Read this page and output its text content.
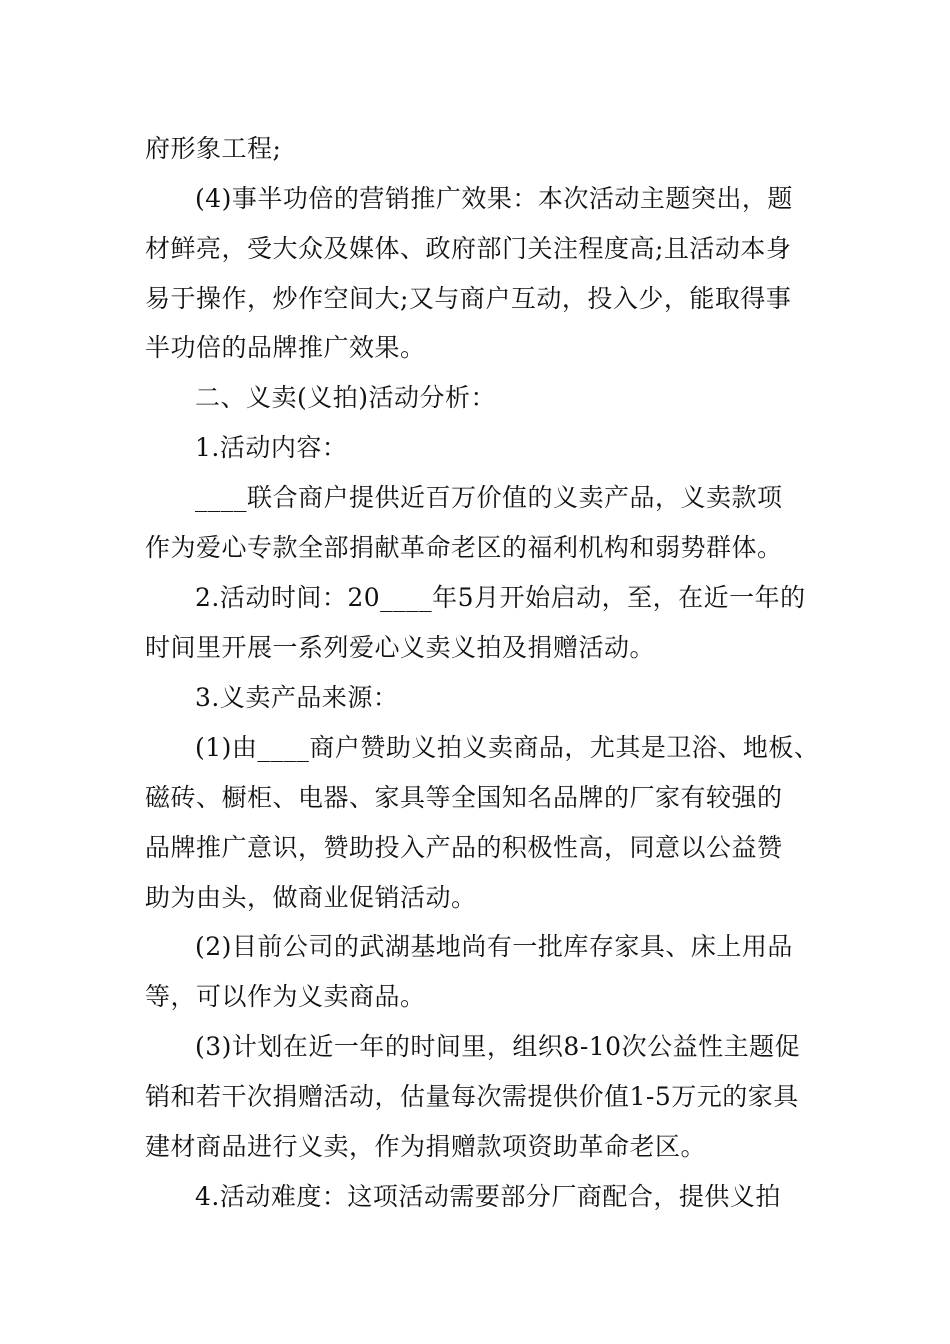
府形象工程;
(4)事半功倍的营销推广效果：本次活动主题突出，题
材鲜亮，受大众及媒体、政府部门关注程度高;且活动本身
易于操作，炒作空间大;又与商户互动，投入少，能取得事
半功倍的品牌推广效果。
二、义卖(义拍)活动分析：
1.活动内容：
____联合商户提供近百万价值的义卖产品，义卖款项
作为爱心专款全部捐献革命老区的福利机构和弱势群体。
2.活动时间：20____年5月开始启动，至，在近一年的
时间里开展一系列爱心义卖义拍及捐赠活动。
3.义卖产品来源：
(1)由____商户赞助义拍义卖商品，尤其是卫浴、地板、
磁砖、橱柜、电器、家具等全国知名品牌的厂家有较强的
品牌推广意识，赞助投入产品的积极性高，同意以公益赞
助为由头，做商业促销活动。
(2)目前公司的武湖基地尚有一批库存家具、床上用品
等，可以作为义卖商品。
(3)计划在近一年的时间里，组织8-10次公益性主题促
销和若干次捐赠活动，估量每次需提供价值1-5万元的家具
建材商品进行义卖，作为捐赠款项资助革命老区。
4.活动难度：这项活动需要部分厂商配合，提供义拍
